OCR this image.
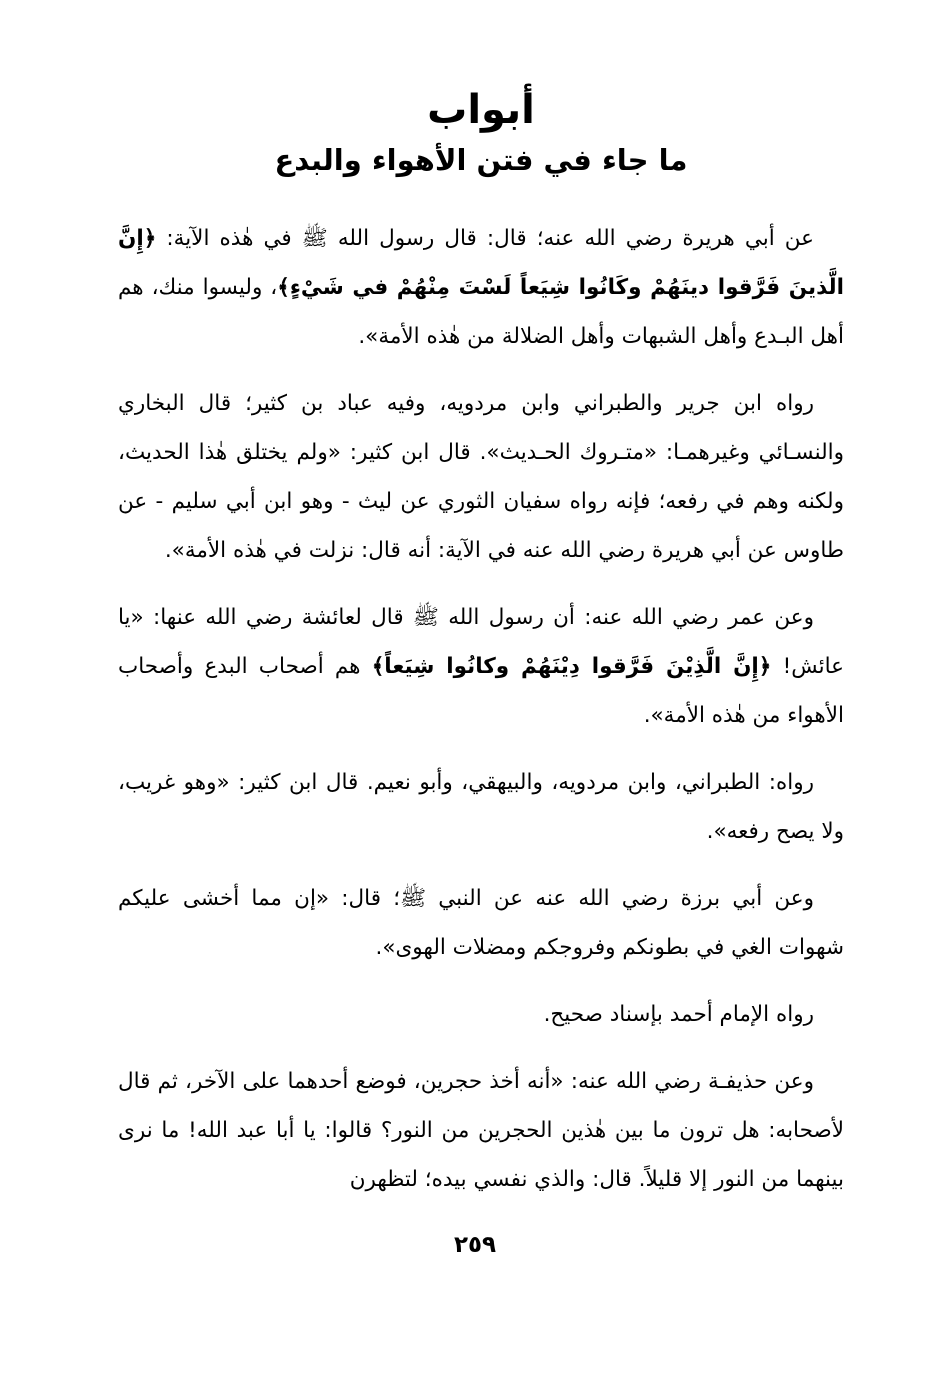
أبواب
ما جاء في فتن الأهواء والبدع

عن أبي هريرة رضي الله عنه؛ قال: قال رسول الله ﷺ في هٰذه الآية: ﴿إِنَّ الَّذينَ فَرَّقوا دينَهُمْ وكَانُوا شِيَعاً لَسْتَ مِنْهُمْ في شَيْءٍ﴾، وليسوا منك، هم أهل البـدع وأهل الشبهات وأهل الضلالة من هٰذه الأمة».

رواه ابن جرير والطبراني وابن مردويه، وفيه عباد بن كثير؛ قال البخاري والنسـائي وغيرهمـا: «متـروك الحـديث». قال ابن كثير: «ولم يختلق هٰذا الحديث، ولكنه وهم في رفعه؛ فإنه رواه سفيان الثوري عن ليث - وهو ابن أبي سليم - عن طاوس عن أبي هريرة رضي الله عنه في الآية: أنه قال: نزلت في هٰذه الأمة».

وعن عمر رضي الله عنه: أن رسول الله ﷺ قال لعائشة رضي الله عنها: «يا عائش! ﴿إِنَّ الَّذِيْنَ فَرَّقوا دِيْنَهُمْ وكانُوا شِيَعاً﴾ هم أصحاب البدع وأصحاب الأهواء من هٰذه الأمة».

رواه: الطبراني، وابن مردويه، والبيهقي، وأبو نعيم. قال ابن كثير: «وهو غريب، ولا يصح رفعه».

وعن أبي برزة رضي الله عنه عن النبي ﷺ؛ قال: «إن مما أخشى عليكم شهوات الغي في بطونكم وفروجكم ومضلات الهوى».

رواه الإمام أحمد بإسناد صحيح.

وعن حذيفـة رضي الله عنه: «أنه أخذ حجرين، فوضع أحدهما على الآخر، ثم قال لأصحابه: هل ترون ما بين هٰذين الحجرين من النور؟ قالوا: يا أبا عبد الله! ما نرى بينهما من النور إلا قليلاً. قال: والذي نفسي بيده؛ لتظهرن

٢٥٩
